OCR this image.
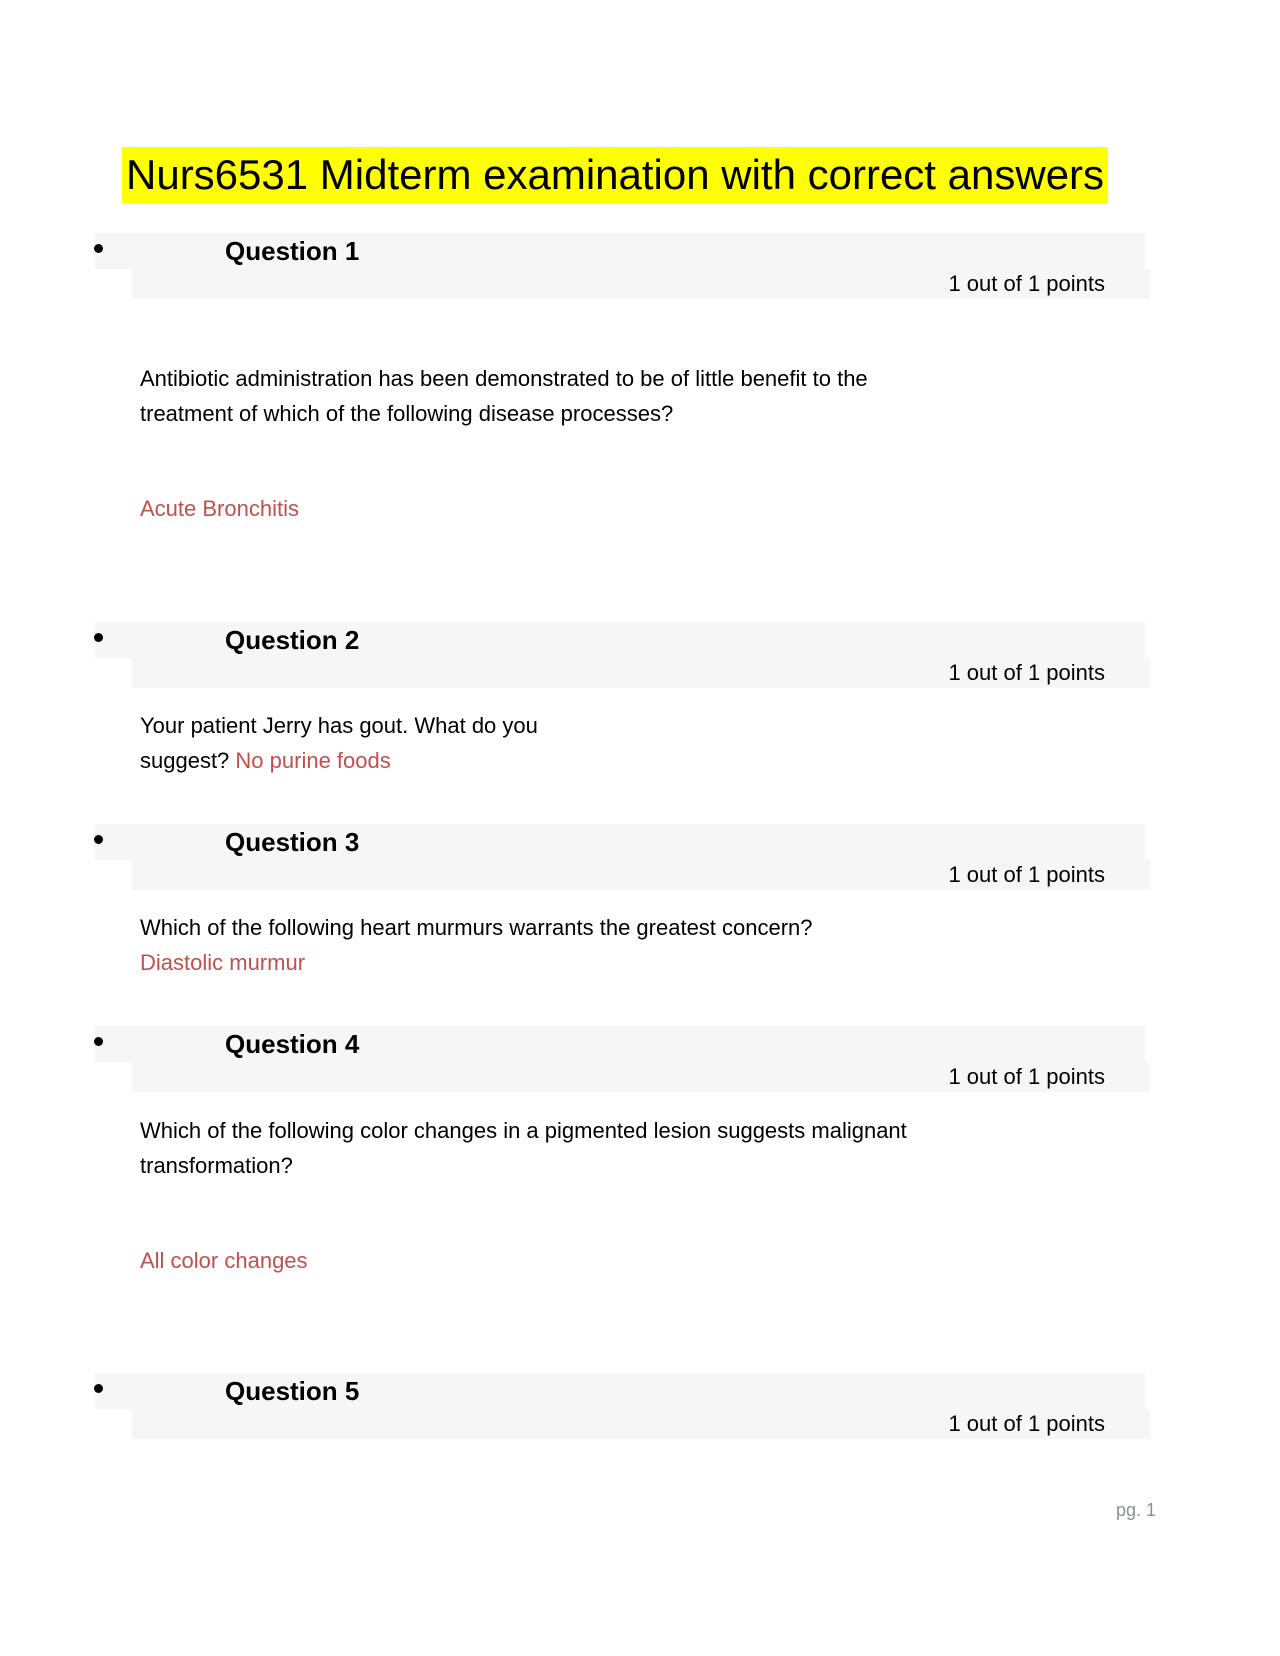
Nurs6531 Midterm examination with correct answers
Question 1
1 out of 1 points
Antibiotic administration has been demonstrated to be of little benefit to the
treatment of which of the following disease processes?
Acute Bronchitis
Question 2
1 out of 1 points
Your patient Jerry has gout. What do you
suggest? No purine foods
Question 3
1 out of 1 points
Which of the following heart murmurs warrants the greatest concern?
Diastolic murmur
Question 4
1 out of 1 points
Which of the following color changes in a pigmented lesion suggests malignant
transformation?
All color changes
Question 5
1 out of 1 points
pg. 1
